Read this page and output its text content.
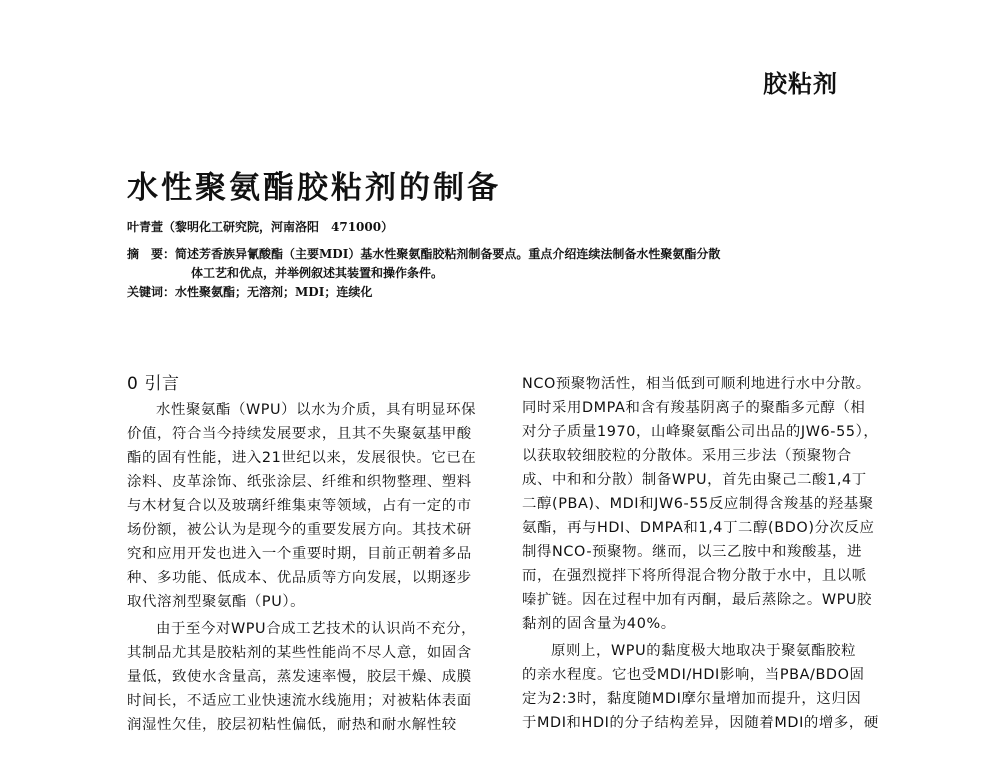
胶粘剂
水性聚氨酯胶粘剂的制备
叶青萱（黎明化工研究院，河南洛阳　471000）
摘　要：简述芳香族异氰酸酯（主要MDI）基水性聚氨酯胶粘剂制备要点。重点介绍连续法制备水性聚氨酯分散
体工艺和优点，并举例叙述其装置和操作条件。
关键词：水性聚氨酯；无溶剂；MDI；连续化
0 引言
水性聚氨酯（WPU）以水为介质，具有明显环保
价值，符合当今持续发展要求，且其不失聚氨基甲酸
酯的固有性能，进入21世纪以来，发展很快。它已在
涂料、皮革涂饰、纸张涂层、纤维和织物整理、塑料
与木材复合以及玻璃纤维集束等领域，占有一定的市
场份额，被公认为是现今的重要发展方向。其技术研
究和应用开发也进入一个重要时期，目前正朝着多品
种、多功能、低成本、优品质等方向发展，以期逐步
取代溶剂型聚氨酯（PU）。
由于至今对WPU合成工艺技术的认识尚不充分，
其制品尤其是胶粘剂的某些性能尚不尽人意，如固含
量低，致使水含量高，蒸发速率慢，胶层干燥、成膜
时间长，不适应工业快速流水线施用；对被粘体表面
润湿性欠佳，胶层初粘性偏低，耐热和耐水解性较
NCO预聚物活性，相当低到可顺利地进行水中分散。
同时采用DMPA和含有羧基阴离子的聚酯多元醇（相
对分子质量1970，山峰聚氨酯公司出品的JW6-55），
以获取较细胶粒的分散体。采用三步法（预聚物合
成、中和和分散）制备WPU，首先由聚己二酸1,4丁
二醇(PBA)、MDI和JW6-55反应制得含羧基的羟基聚
氨酯，再与HDI、DMPA和1,4丁二醇(BDO)分次反应
制得NCO-预聚物。继而，以三乙胺中和羧酸基，进
而，在强烈搅拌下将所得混合物分散于水中，且以哌
嗪扩链。因在过程中加有丙酮，最后蒸除之。WPU胶
黏剂的固含量为40%。
原则上，WPU的黏度极大地取决于聚氨酯胶粒
的亲水程度。它也受MDI/HDI影响，当PBA/BDO固
定为2:3时，黏度随MDI摩尔量增加而提升，这归因
于MDI和HDI的分子结构差异，因随着MDI的增多，硬
